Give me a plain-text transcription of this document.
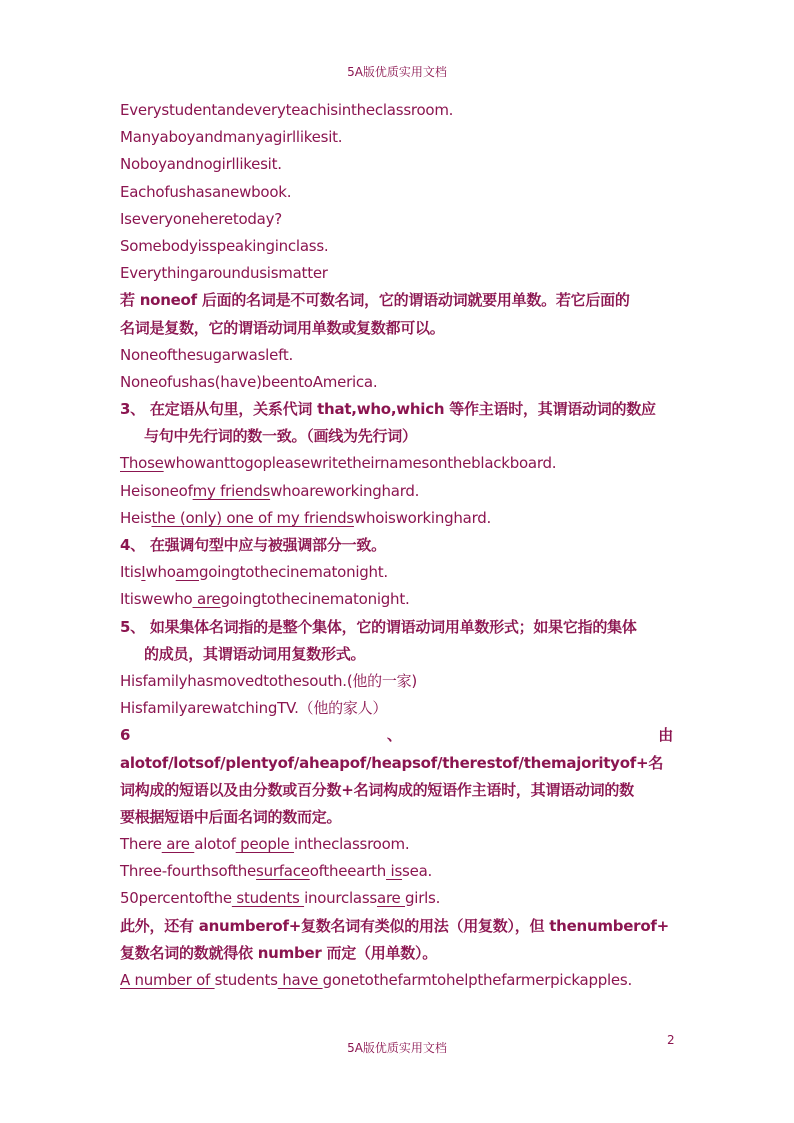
5A版优质实用文档
Everystudentandeveryteachisintheclassroom.
Manyaboyandmanyagirllikesit.
Noboyandnogirllikesit.
Eachofushasanewbook.
Iseveryoneheretoday?
Somebodyisspeakinginclass.
Everythingaroundusismatter
若 noneof 后面的名词是不可数名词，它的谓语动词就要用单数。若它后面的
名词是复数，它的谓语动词用单数或复数都可以。
Noneofthesugarwasleft.
Noneofushas(have)beentoAmerica.
3、 在定语从句里，关系代词 that,who,which 等作主语时，其谓语动词的数应
与句中先行词的数一致。（画线为先行词）
Thosewhowanttogopleasewritetheirnamesontheblackboard.
Heisoneofmy friendswhoareworkinghard.
Heisthe (only) one of my friendswhoisworkinghard.
4、 在强调句型中应与被强调部分一致。
ItisIwhoamgoingtothecinematonight.
Itiswewho aregoingtothecinematonight.
5、 如果集体名词指的是整个集体，它的谓语动词用单数形式；如果它指的集体
的成员，其谓语动词用复数形式。
Hisfamilyhasmovedtothesouth.(他的一家)
HisfamilyarewatchingTV.（他的家人）
6	、	由
alotof/lotsof/plentyof/aheapof/heapsof/therestof/themajorityof+名
词构成的短语以及由分数或百分数+名词构成的短语作主语时，其谓语动词的数
要根据短语中后面名词的数而定。
There are alotof people intheclassroom.
Three-fourthsofthesurfaceoftheearth issea.
50percentofthe students inourclassare girls.
此外，还有 anumberof+复数名词有类似的用法（用复数），但 thenumberof+
复数名词的数就得依 number 而定（用单数）。
A number of students have gonetothefarmtohelpthefarmerpickapples.
2
5A版优质实用文档
